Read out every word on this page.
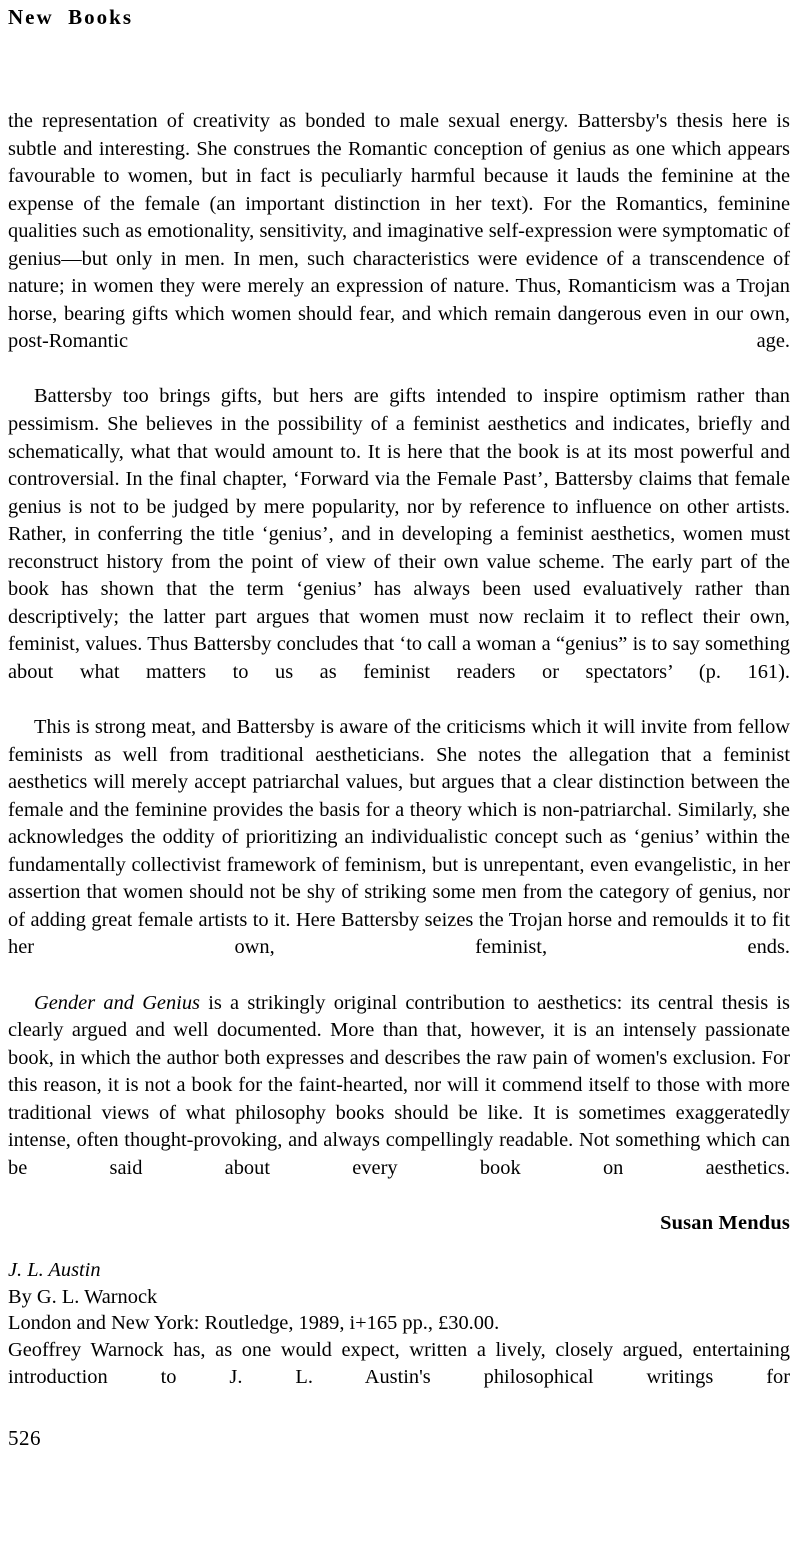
New  Books

the representation of creativity as bonded to male sexual energy. Battersby's thesis here is subtle and interesting. She construes the Romantic conception of genius as one which appears favourable to women, but in fact is peculiarly harmful because it lauds the feminine at the expense of the female (an important distinction in her text). For the Romantics, feminine qualities such as emotionality, sensitivity, and imaginative self-expression were symptomatic of genius—but only in men. In men, such characteristics were evidence of a transcendence of nature; in women they were merely an expression of nature. Thus, Romanticism was a Trojan horse, bearing gifts which women should fear, and which remain dangerous even in our own, post-Romantic age.

Battersby too brings gifts, but hers are gifts intended to inspire optimism rather than pessimism. She believes in the possibility of a feminist aesthetics and indicates, briefly and schematically, what that would amount to. It is here that the book is at its most powerful and controversial. In the final chapter, ‘Forward via the Female Past’, Battersby claims that female genius is not to be judged by mere popularity, nor by reference to influence on other artists. Rather, in conferring the title ‘genius’, and in developing a feminist aesthetics, women must reconstruct history from the point of view of their own value scheme. The early part of the book has shown that the term ‘genius’ has always been used evaluatively rather than descriptively; the latter part argues that women must now reclaim it to reflect their own, feminist, values. Thus Battersby concludes that ‘to call a woman a “genius” is to say something about what matters to us as feminist readers or spectators’ (p. 161).

This is strong meat, and Battersby is aware of the criticisms which it will invite from fellow feminists as well from traditional aestheticians. She notes the allegation that a feminist aesthetics will merely accept patriarchal values, but argues that a clear distinction between the female and the feminine provides the basis for a theory which is non-patriarchal. Similarly, she acknowledges the oddity of prioritizing an individualistic concept such as ‘genius’ within the fundamentally collectivist framework of feminism, but is unrepentant, even evangelistic, in her assertion that women should not be shy of striking some men from the category of genius, nor of adding great female artists to it. Here Battersby seizes the Trojan horse and remoulds it to fit her own, feminist, ends.

Gender and Genius is a strikingly original contribution to aesthetics: its central thesis is clearly argued and well documented. More than that, however, it is an intensely passionate book, in which the author both expresses and describes the raw pain of women's exclusion. For this reason, it is not a book for the faint-hearted, nor will it commend itself to those with more traditional views of what philosophy books should be like. It is sometimes exaggeratedly intense, often thought-provoking, and always compellingly readable. Not something which can be said about every book on aesthetics.

Susan Mendus

J. L. Austin

By G. L. Warnock

London and New York: Routledge, 1989, i+165 pp., £30.00.

Geoffrey Warnock has, as one would expect, written a lively, closely argued, entertaining introduction to J. L. Austin's philosophical writings for

526
